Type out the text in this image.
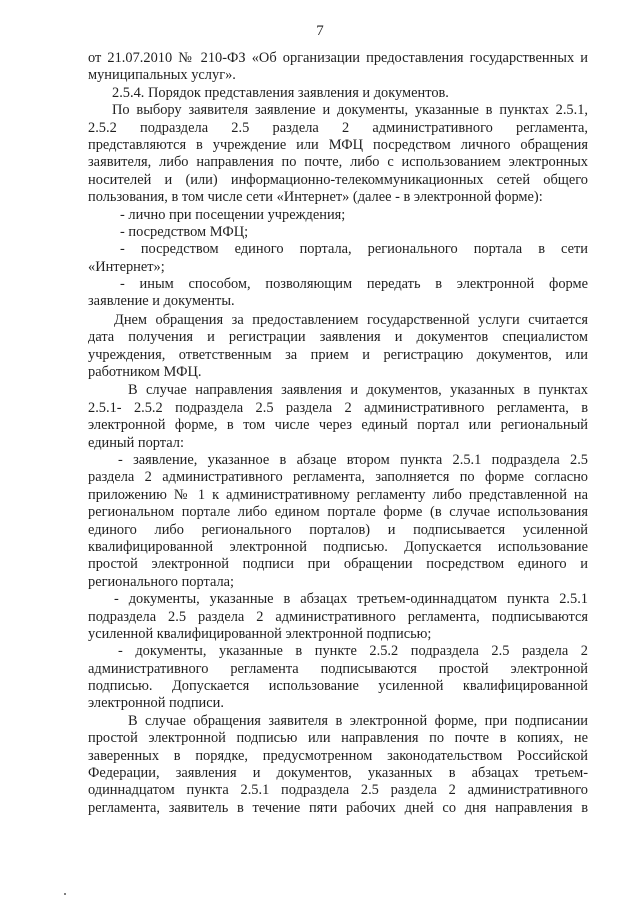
7
от 21.07.2010 № 210-ФЗ «Об организации предоставления государственных и
муниципальных услуг».
2.5.4. Порядок представления заявления и документов.
По выбору заявителя заявление и документы, указанные в пунктах 2.5.1,
2.5.2 подраздела 2.5 раздела 2 административного регламента,
представляются в учреждение или МФЦ посредством личного обращения
заявителя, либо направления по почте, либо с использованием электронных
носителей и (или) информационно-телекоммуникационных сетей общего
пользования, в том числе сети «Интернет» (далее - в электронной форме):
- лично при посещении учреждения;
- посредством МФЦ;
- посредством единого портала, регионального портала в сети
«Интернет»;
- иным способом, позволяющим передать в электронной форме
заявление и документы.
Днем обращения за предоставлением государственной услуги считается
дата получения и регистрации заявления и документов специалистом
учреждения, ответственным за прием и регистрацию документов, или
работником МФЦ.
В случае направления заявления и документов, указанных в пунктах
2.5.1- 2.5.2 подраздела 2.5 раздела 2 административного регламента, в
электронной форме, в том числе через единый портал или региональный
единый портал:
- заявление, указанное в абзаце втором пункта 2.5.1 подраздела 2.5
раздела 2 административного регламента, заполняется по форме согласно
приложению № 1 к административному регламенту либо представленной на
региональном портале либо едином портале форме (в случае использования
единого либо регионального порталов) и подписывается усиленной
квалифицированной электронной подписью. Допускается использование
простой электронной подписи при обращении посредством единого и
регионального портала;
- документы, указанные в абзацах третьем-одиннадцатом пункта 2.5.1
подраздела 2.5 раздела 2 административного регламента, подписываются
усиленной квалифицированной электронной подписью;
- документы, указанные в пункте 2.5.2 подраздела 2.5 раздела 2
административного регламента подписываются простой электронной
подписью. Допускается использование усиленной квалифицированной
электронной подписи.
В случае обращения заявителя в электронной форме, при подписании
простой электронной подписью или направления по почте в копиях, не
заверенных в порядке, предусмотренном законодательством Российской
Федерации, заявления и документов, указанных в абзацах третьем-
одиннадцатом пункта 2.5.1 подраздела 2.5 раздела 2 административного
регламента, заявитель в течение пяти рабочих дней со дня направления в
